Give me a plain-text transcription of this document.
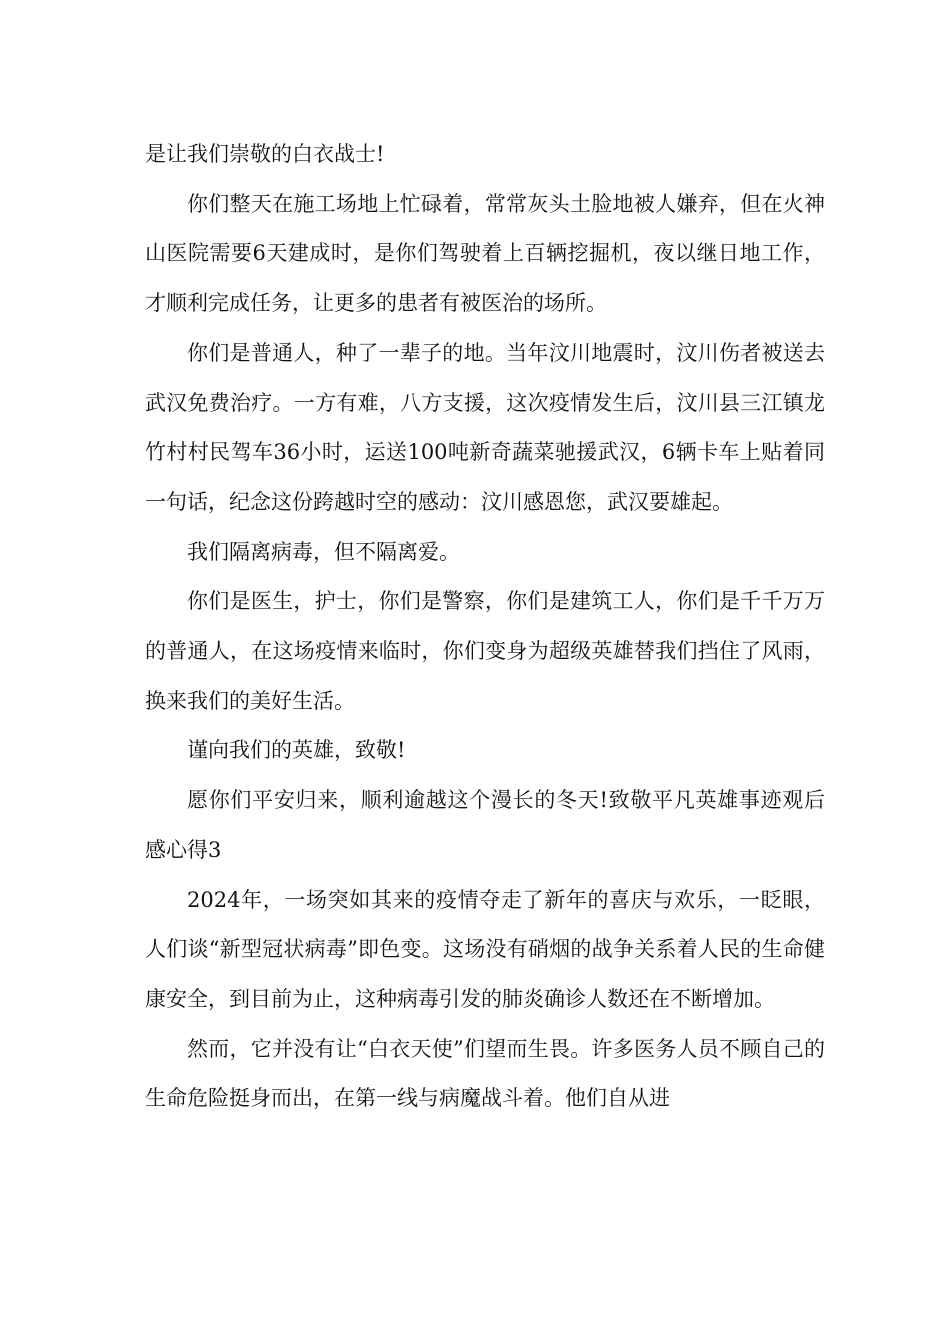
是让我们崇敬的白衣战士!

你们整天在施工场地上忙碌着，常常灰头土脸地被人嫌弃，但在火神山医院需要6天建成时，是你们驾驶着上百辆挖掘机，夜以继日地工作，才顺利完成任务，让更多的患者有被医治的场所。

你们是普通人，种了一辈子的地。当年汶川地震时，汶川伤者被送去武汉免费治疗。一方有难，八方支援，这次疫情发生后，汶川县三江镇龙竹村村民驾车36小时，运送100吨新奇蔬菜驰援武汉，6辆卡车上贴着同一句话，纪念这份跨越时空的感动：汶川感恩您，武汉要雄起。

我们隔离病毒，但不隔离爱。

你们是医生，护士，你们是警察，你们是建筑工人，你们是千千万万的普通人，在这场疫情来临时，你们变身为超级英雄替我们挡住了风雨，换来我们的美好生活。

谨向我们的英雄，致敬!

愿你们平安归来，顺利逾越这个漫长的冬天!致敬平凡英雄事迹观后感心得3

2024年，一场突如其来的疫情夺走了新年的喜庆与欢乐，一眨眼，人们谈“新型冠状病毒”即色变。这场没有硝烟的战争关系着人民的生命健康安全，到目前为止，这种病毒引发的肺炎确诊人数还在不断增加。

然而，它并没有让“白衣天使”们望而生畏。许多医务人员不顾自己的生命危险挺身而出，在第一线与病魔战斗着。他们自从进
